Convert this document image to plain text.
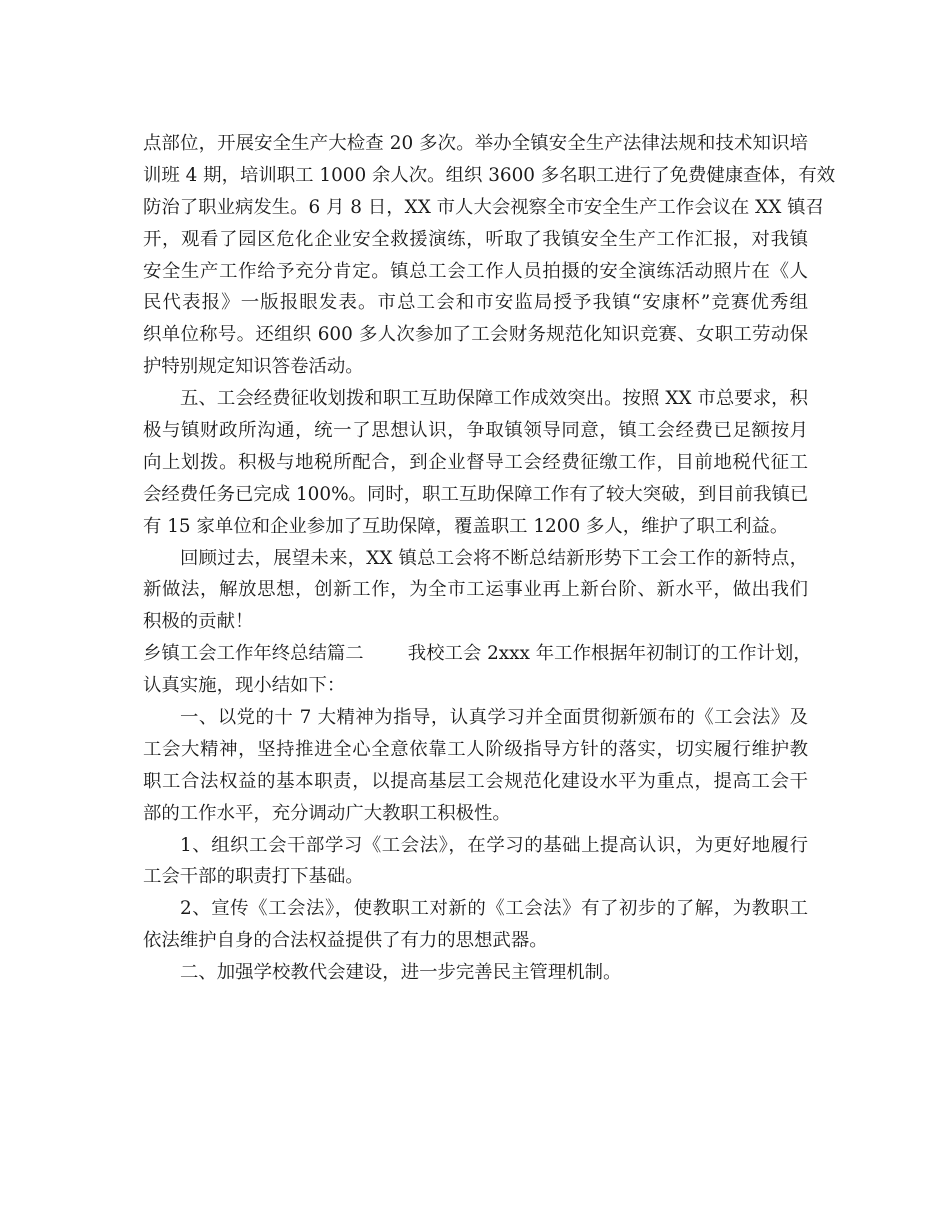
点部位，开展安全生产大检查 20 多次。举办全镇安全生产法律法规和技术知识培
训班 4 期，培训职工 1000 余人次。组织 3600 多名职工进行了免费健康查体，有效
防治了职业病发生。6 月 8 日，XX 市人大会视察全市安全生产工作会议在 XX 镇召
开，观看了园区危化企业安全救援演练，听取了我镇安全生产工作汇报，对我镇
安全生产工作给予充分肯定。镇总工会工作人员拍摄的安全演练活动照片在《人
民代表报》一版报眼发表。市总工会和市安监局授予我镇“安康杯”竞赛优秀组
织单位称号。还组织 600 多人次参加了工会财务规范化知识竞赛、女职工劳动保
护特别规定知识答卷活动。
五、工会经费征收划拨和职工互助保障工作成效突出。按照 XX 市总要求，积
极与镇财政所沟通，统一了思想认识，争取镇领导同意，镇工会经费已足额按月
向上划拨。积极与地税所配合，到企业督导工会经费征缴工作，目前地税代征工
会经费任务已完成 100%。同时，职工互助保障工作有了较大突破，到目前我镇已
有 15 家单位和企业参加了互助保障，覆盖职工 1200 多人，维护了职工利益。
回顾过去，展望未来，XX 镇总工会将不断总结新形势下工会工作的新特点，
新做法，解放思想，创新工作，为全市工运事业再上新台阶、新水平，做出我们
积极的贡献！
乡镇工会工作年终总结篇二 我校工会 2xxx 年工作根据年初制订的工作计划，
认真实施，现小结如下：
一、以党的十 7 大精神为指导，认真学习并全面贯彻新颁布的《工会法》及
工会大精神，坚持推进全心全意依靠工人阶级指导方针的落实，切实履行维护教
职工合法权益的基本职责，以提高基层工会规范化建设水平为重点，提高工会干
部的工作水平，充分调动广大教职工积极性。
1、组织工会干部学习《工会法》，在学习的基础上提高认识，为更好地履行
工会干部的职责打下基础。
2、宣传《工会法》，使教职工对新的《工会法》有了初步的了解，为教职工
依法维护自身的合法权益提供了有力的思想武器。
二、加强学校教代会建设，进一步完善民主管理机制。
